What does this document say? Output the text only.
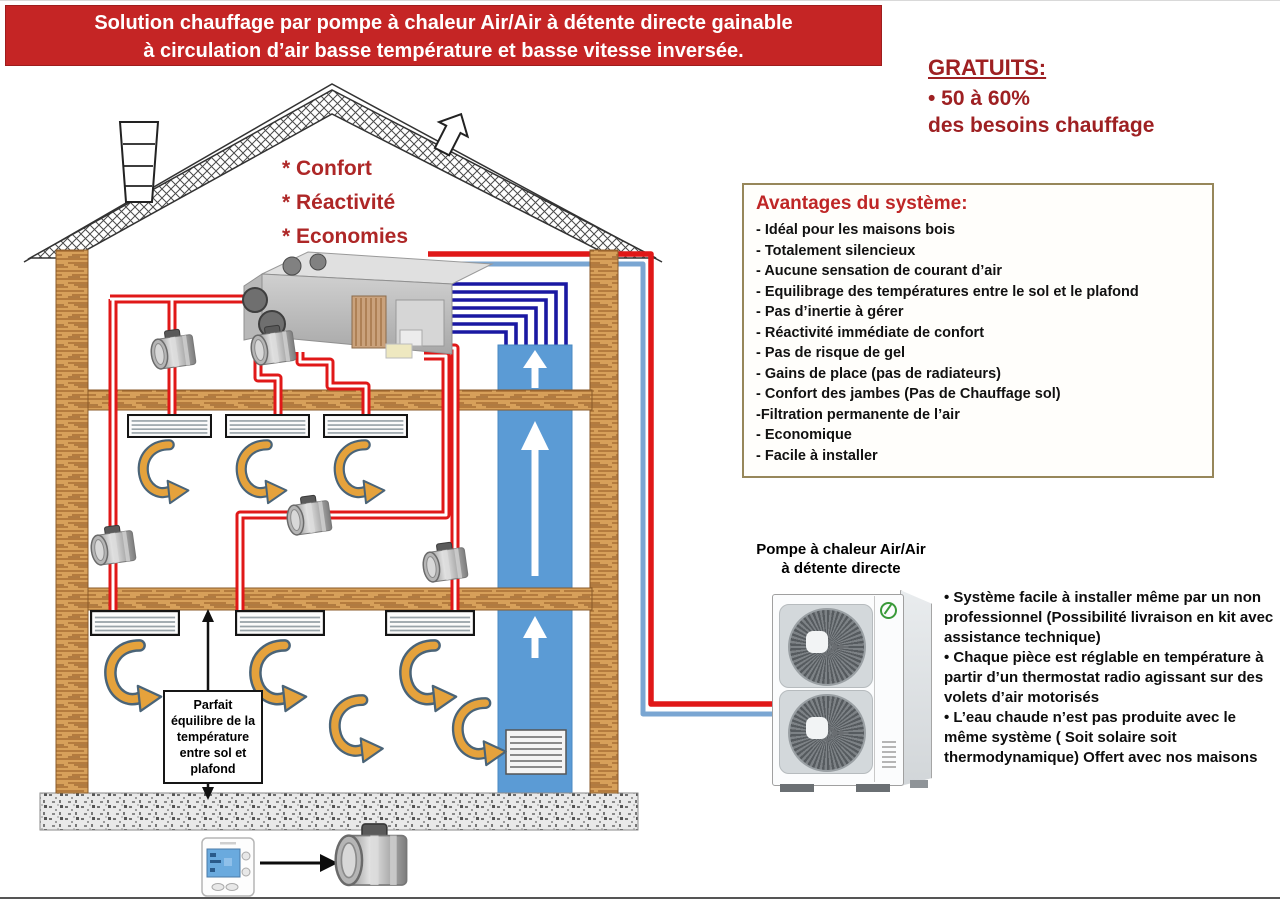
Solution chauffage par pompe à chaleur Air/Air à détente directe gainable
à circulation d’air basse température et basse vitesse inversée.
GRATUITS:
• 50 à 60%
des besoins chauffage
* Confort
* Réactivité
* Economies
Avantages du système:
- Idéal pour les maisons bois
- Totalement silencieux
- Aucune sensation de courant d’air
- Equilibrage des températures entre le sol et le plafond
- Pas d’inertie à gérer
- Réactivité immédiate de confort
- Pas de risque de gel
- Gains de place (pas de radiateurs)
- Confort des jambes (Pas de Chauffage sol)
-Filtration permanente de l’air
- Economique
- Facile à installer
Pompe à chaleur Air/Air
à détente directe

• Système facile à installer même par un non professionnel (Possibilité livraison en kit avec assistance technique)

• Chaque pièce est réglable en température à partir d’un thermostat radio agissant sur des volets d’air motorisés

• L’eau chaude n’est pas produite avec le même système ( Soit solaire soit thermodynamique) Offert avec nos maisons

Parfait équilibre de la température entre sol et plafond
